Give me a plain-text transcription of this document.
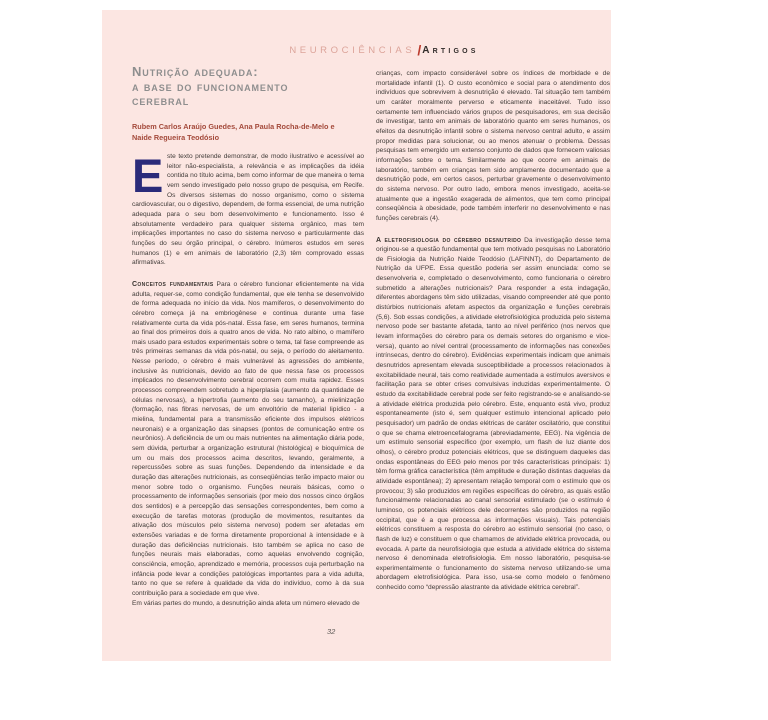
NEUROCIÊNCIAS /Artigos
Nutrição adequada:
a base do funcionamento
cerebral
Rubem Carlos Araújo Guedes, Ana Paula Rocha-de-Melo e
Naide Regueira Teodósio

Este texto pretende demonstrar, de modo ilustrativo e acessível ao leitor não-especialista, a relevância e as implicações da idéia contida no título acima, bem como informar de que maneira o tema vem sendo investigado pelo nosso grupo de pesquisa, em Recife. Os diversos sistemas do nosso organismo, como o sistema cardiovascular, ou o digestivo, dependem, de forma essencial, de uma nutrição adequada para o seu bom desenvolvimento e funcionamento. Isso é absolutamente verdadeiro para qualquer sistema orgânico, mas tem implicações importantes no caso do sistema nervoso e particularmente das funções do seu órgão principal, o cérebro. Inúmeros estudos em seres humanos (1) e em animais de laboratório (2,3) têm comprovado essas afirmativas.

Conceitos fundamentais Para o cérebro funcionar eficientemente na vida adulta, requer-se, como condição fundamental, que ele tenha se desenvolvido de forma adequada no início da vida. Nos mamíferos, o desenvolvimento do cérebro começa já na embriogênese e continua durante uma fase relativamente curta da vida pós-natal. Essa fase, em seres humanos, termina ao final dos primeiros dois a quatro anos de vida. No rato albino, o mamífero mais usado para estudos experimentais sobre o tema, tal fase compreende as três primeiras semanas da vida pós-natal, ou seja, o período do aleitamento. Nesse período, o cérebro é mais vulnerável às agressões do ambiente, inclusive às nutricionais, devido ao fato de que nessa fase os processos implicados no desenvolvimento cerebral ocorrem com muita rapidez. Esses processos compreendem sobretudo a hiperplasia (aumento da quantidade de células nervosas), a hipertrofia (aumento do seu tamanho), a mielinização (formação, nas fibras nervosas, de um envoltório de material lipídico - a mielina, fundamental para a transmissão eficiente dos impulsos elétricos neuronais) e a organização das sinapses (pontos de comunicação entre os neurônios). A deficiência de um ou mais nutrientes na alimentação diária pode, sem dúvida, perturbar a organização estrutural (histológica) e bioquímica de um ou mais dos processos acima descritos, levando, geralmente, a repercussões sobre as suas funções. Dependendo da intensidade e da duração das alterações nutricionais, as conseqüências terão impacto maior ou menor sobre todo o organismo. Funções neurais básicas, como o processamento de informações sensoriais (por meio dos nossos cinco órgãos dos sentidos) e a percepção das sensações correspondentes, bem como a execução de tarefas motoras (produção de movimentos, resultantes da ativação dos músculos pelo sistema nervoso) podem ser afetadas em extensões variadas e de forma diretamente proporcional à intensidade e à duração das deficiências nutricionais. Isto também se aplica no caso de funções neurais mais elaboradas, como aquelas envolvendo cognição, consciência, emoção, aprendizado e memória, processos cuja perturbação na infância pode levar a condições patológicas importantes para a vida adulta, tanto no que se refere à qualidade da vida do indivíduo, como à da sua contribuição para a sociedade em que vive.

Em várias partes do mundo, a desnutrição ainda afeta um número elevado de

crianças, com impacto considerável sobre os índices de morbidade e de mortalidade infantil (1). O custo econômico e social para o atendimento dos indivíduos que sobrevivem à desnutrição é elevado. Tal situação tem também um caráter moralmente perverso e eticamente inaceitável. Tudo isso certamente tem influenciado vários grupos de pesquisadores, em sua decisão de investigar, tanto em animais de laboratório quanto em seres humanos, os efeitos da desnutrição infantil sobre o sistema nervoso central adulto, e assim propor medidas para solucionar, ou ao menos atenuar o problema. Dessas pesquisas tem emergido um extenso conjunto de dados que fornecem valiosas informações sobre o tema. Similarmente ao que ocorre em animais de laboratório, também em crianças tem sido amplamente documentado que a desnutrição pode, em certos casos, perturbar gravemente o desenvolvimento do sistema nervoso. Por outro lado, embora menos investigado, aceita-se atualmente que a ingestão exagerada de alimentos, que tem como principal conseqüência à obesidade, pode também interferir no desenvolvimento e nas funções cerebrais (4).

A eletrofisiologia do cérebro desnutrido Da investigação desse tema originou-se a questão fundamental que tem motivado pesquisas no Laboratório de Fisiologia da Nutrição Naide Teodósio (LAFINNT), do Departamento de Nutrição da UFPE. Essa questão poderia ser assim enunciada: como se desenvolveria e, completado o desenvolvimento, como funcionaria o cérebro submetido a alterações nutricionais? Para responder a esta indagação, diferentes abordagens têm sido utilizadas, visando compreender até que ponto distúrbios nutricionais afetam aspectos da organização e funções cerebrais (5,6). Sob essas condições, a atividade eletrofisiológica produzida pelo sistema nervoso pode ser bastante afetada, tanto ao nível periférico (nos nervos que levam informações do cérebro para os demais setores do organismo e vice-versa), quanto ao nível central (processamento de informações nas conexões intrínsecas, dentro do cérebro). Evidências experimentais indicam que animais desnutridos apresentam elevada susceptibilidade a processos relacionados à excitabilidade neural, tais como reatividade aumentada a estímulos aversivos e facilitação para se obter crises convulsivas induzidas experimentalmente. O estudo da excitabilidade cerebral pode ser feito registrando-se e analisando-se a atividade elétrica produzida pelo cérebro. Este, enquanto está vivo, produz espontaneamente (isto é, sem qualquer estímulo intencional aplicado pelo pesquisador) um padrão de ondas elétricas de caráter oscilatório, que constitui o que se chama eletroencefalograma (abreviadamente, EEG). Na vigência de um estímulo sensorial específico (por exemplo, um flash de luz diante dos olhos), o cérebro produz potenciais elétricos, que se distinguem daqueles das ondas espontâneas do EEG pelo menos por três características principais: 1) têm forma gráfica característica (têm amplitude e duração distintas daquelas da atividade espontânea); 2) apresentam relação temporal com o estímulo que os provocou; 3) são produzidos em regiões específicas do cérebro, as quais estão funcionalmente relacionadas ao canal sensorial estimulado (se o estímulo é luminoso, os potenciais elétricos dele decorrentes são produzidos na região occipital, que é a que processa as informações visuais). Tais potenciais elétricos constituem a resposta do cérebro ao estímulo sensorial (no caso, o flash de luz) e constituem o que chamamos de atividade elétrica provocada, ou evocada. A parte da neurofisiologia que estuda a atividade elétrica do sistema nervoso é denominada eletrofisiologia. Em nosso laboratório, pesquisa-se experimentalmente o funcionamento do sistema nervoso utilizando-se uma abordagem eletrofisiológica. Para isso, usa-se como modelo o fenômeno conhecido como “depressão alastrante da atividade elétrica cerebral”.

32
